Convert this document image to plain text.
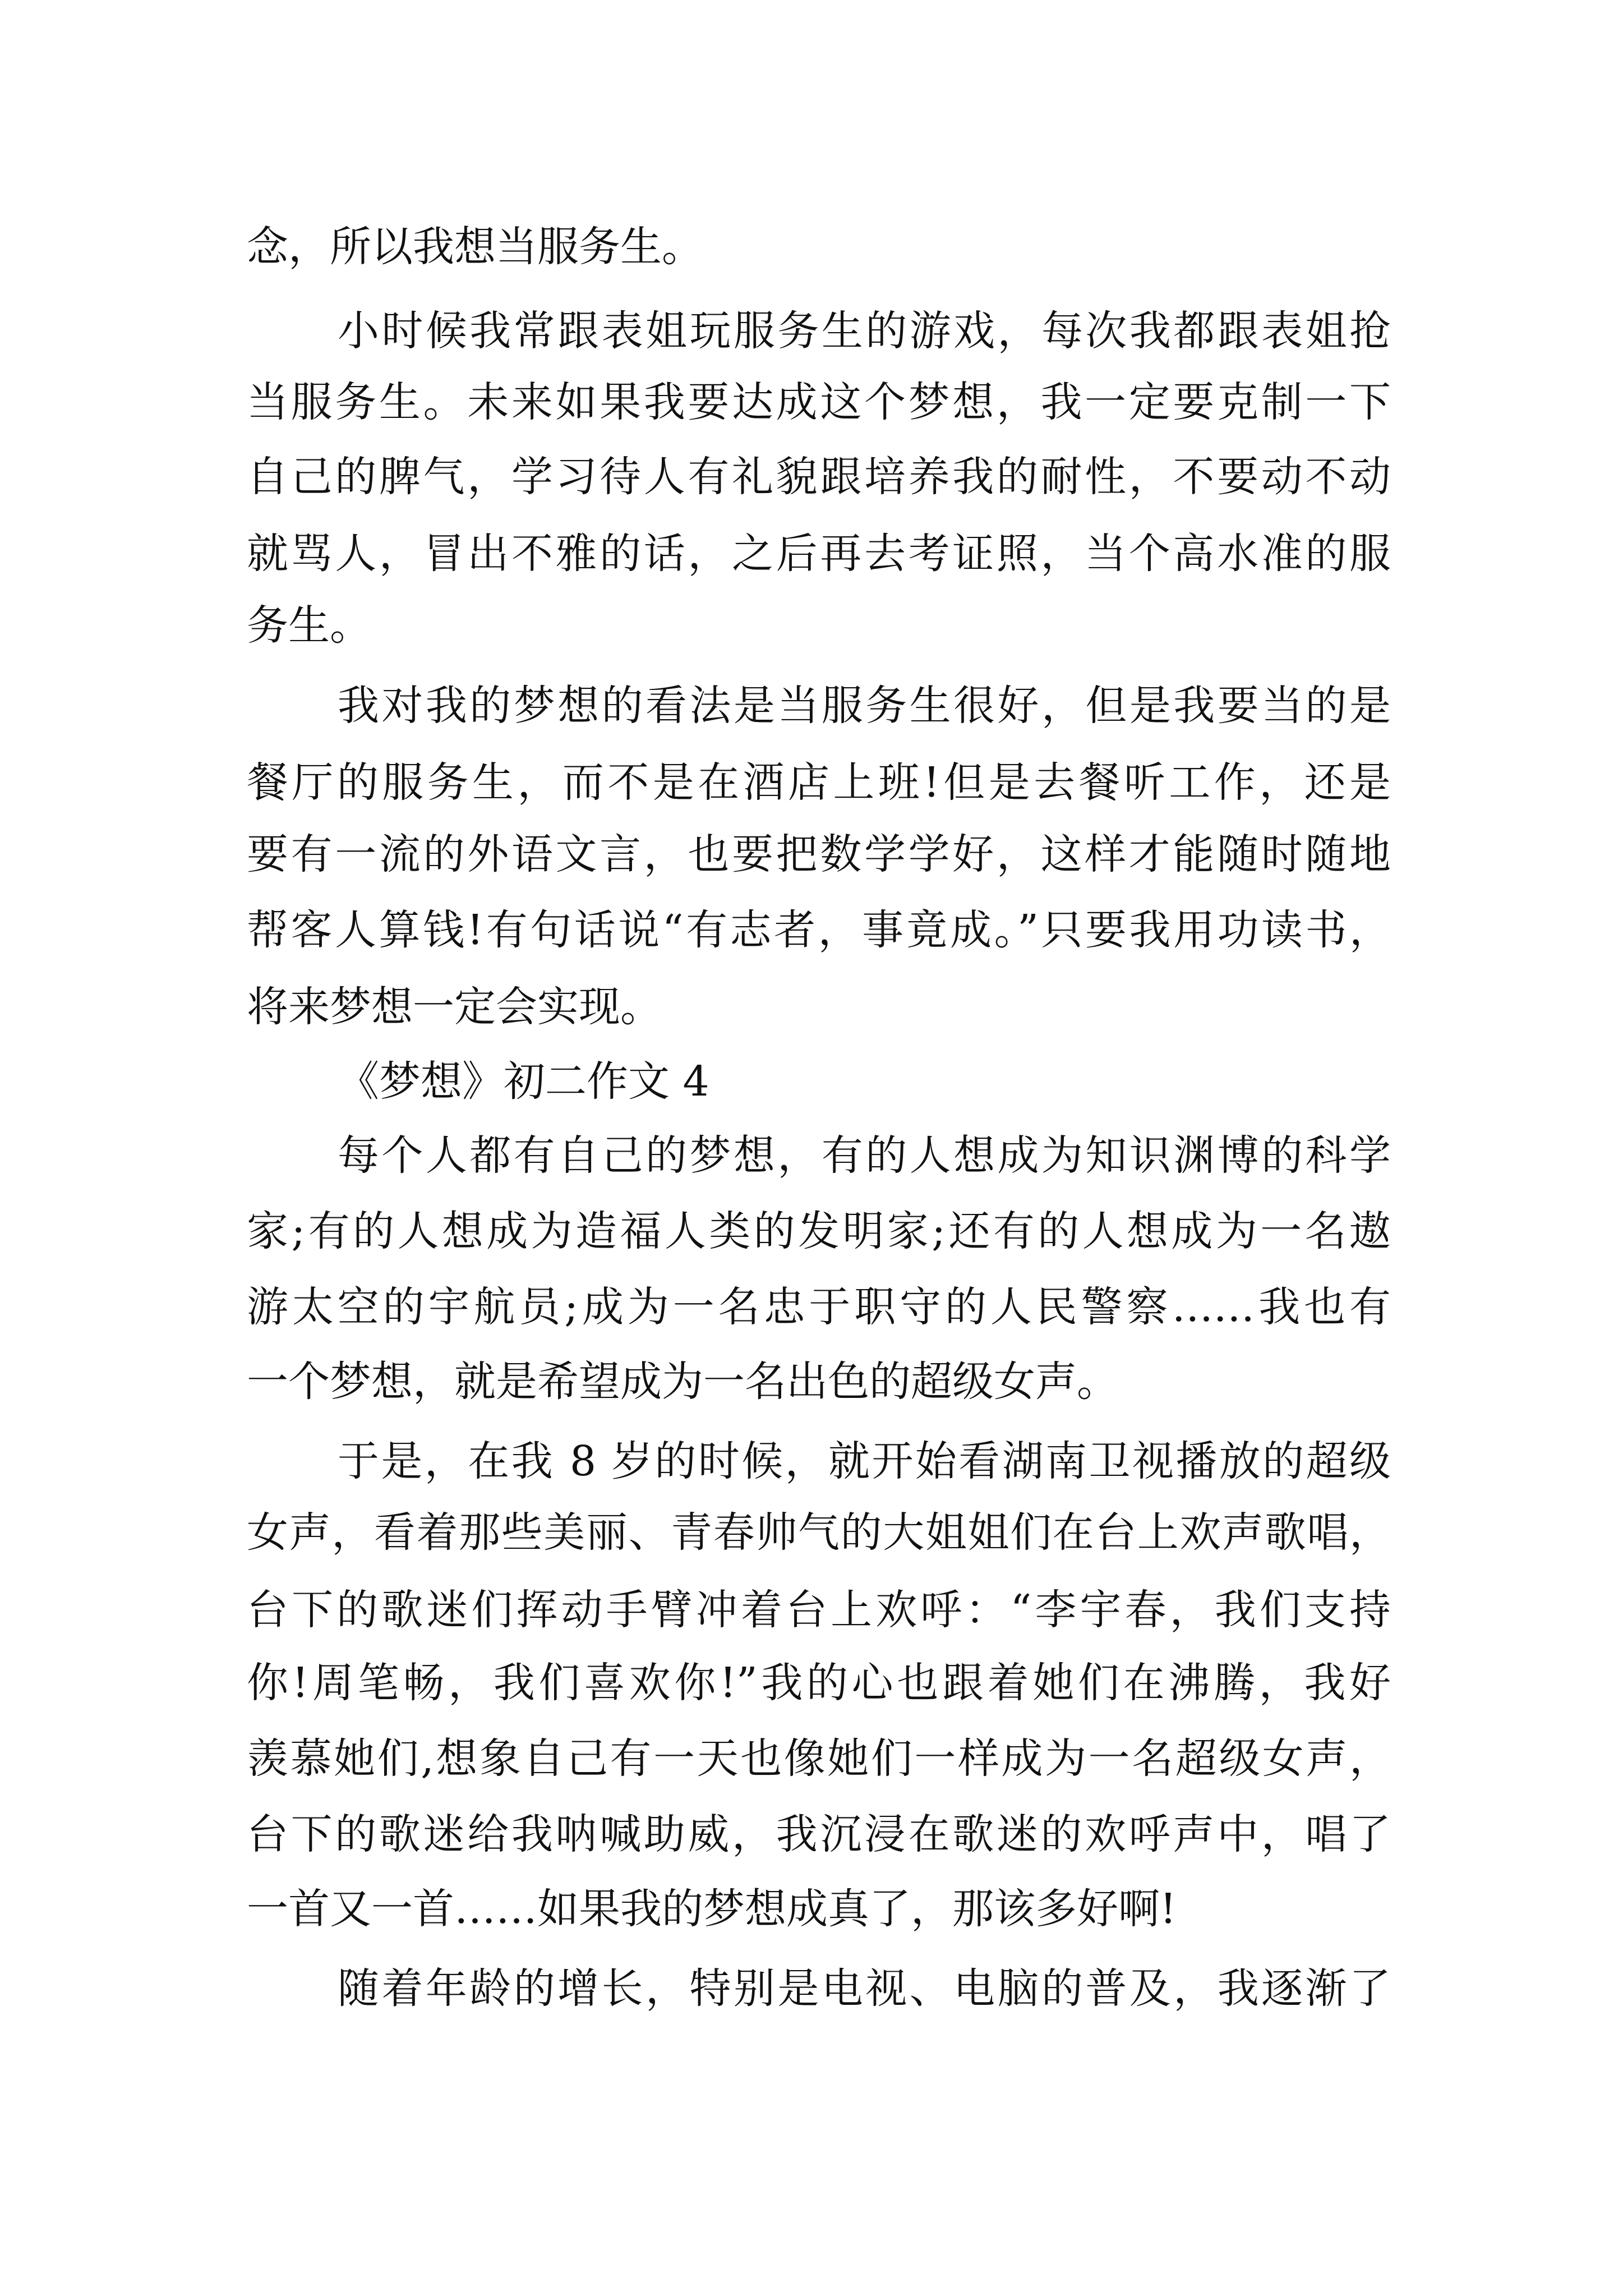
念，所以我想当服务生。
小时候我常跟表姐玩服务生的游戏，每次我都跟表姐抢
当服务生。未来如果我要达成这个梦想，我一定要克制一下
自己的脾气，学习待人有礼貌跟培养我的耐性，不要动不动
就骂人，冒出不雅的话，之后再去考证照，当个高水准的服
务生。
我对我的梦想的看法是当服务生很好，但是我要当的是
餐厅的服务生，而不是在酒店上班!但是去餐听工作，还是
要有一流的外语文言，也要把数学学好，这样才能随时随地
帮客人算钱!有句话说“有志者，事竟成。”只要我用功读书，
将来梦想一定会实现。
《梦想》初二作文 4
每个人都有自己的梦想，有的人想成为知识渊博的科学
家;有的人想成为造福人类的发明家;还有的人想成为一名遨
游太空的宇航员;成为一名忠于职守的人民警察……我也有
一个梦想，就是希望成为一名出色的超级女声。
于是，在我 8 岁的时候，就开始看湖南卫视播放的超级
女声，看着那些美丽、青春帅气的大姐姐们在台上欢声歌唱，
台下的歌迷们挥动手臂冲着台上欢呼：“李宇春，我们支持
你!周笔畅，我们喜欢你!”我的心也跟着她们在沸腾，我好
羡慕她们,想象自己有一天也像她们一样成为一名超级女声，
台下的歌迷给我呐喊助威，我沉浸在歌迷的欢呼声中，唱了
一首又一首……如果我的梦想成真了，那该多好啊!
随着年龄的增长，特别是电视、电脑的普及，我逐渐了
